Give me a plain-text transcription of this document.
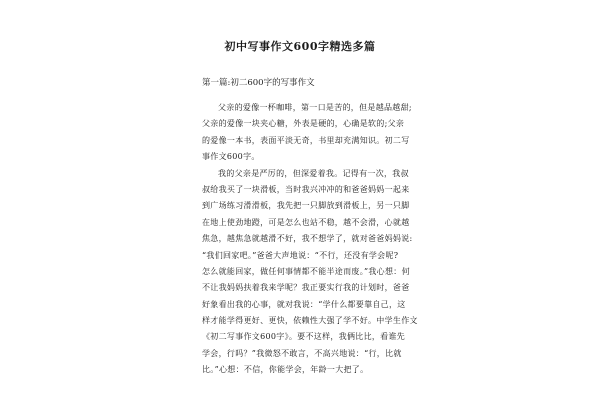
初中写事作文600字精选多篇
第一篇:初二600字的写事作文
父亲的爱像一杯咖啡，第一口是苦的，但是越品越甜;
父亲的爱像一块夹心糖，外表是硬的，心确是软的;父亲
的爱像一本书，表面平淡无奇，书里却充满知识。初二写
事作文600字。
我的父亲是严厉的，但深爱着我。记得有一次，我叔
叔给我买了一块滑板，当时我兴冲冲的和爸爸妈妈一起来
到广场练习滑滑板，我先把一只脚放到滑板上，另一只脚
在地上使劲地蹬，可是怎么也站不稳，越不会滑，心就越
焦急，越焦急就越滑不好，我不想学了，就对爸爸妈妈说:
“我们回家吧。”爸爸大声地说：“不行，还没有学会呢?
怎么就能回家，做任何事情都不能半途而废。”我心想：何
不让我妈妈扶着我来学呢？我正要实行我的计划时，爸爸
好象看出我的心事，就对我说：“学什么都要靠自己，这
样才能学得更好、更快，依赖性大强了学不好。中学生作文
《初二写事作文600字》。要不这样，我俩比比，看谁先
学会，行吗？”我微怒不敢言，不高兴地说：“行，比就
比。”心想：不信，你能学会，年龄一大把了。
